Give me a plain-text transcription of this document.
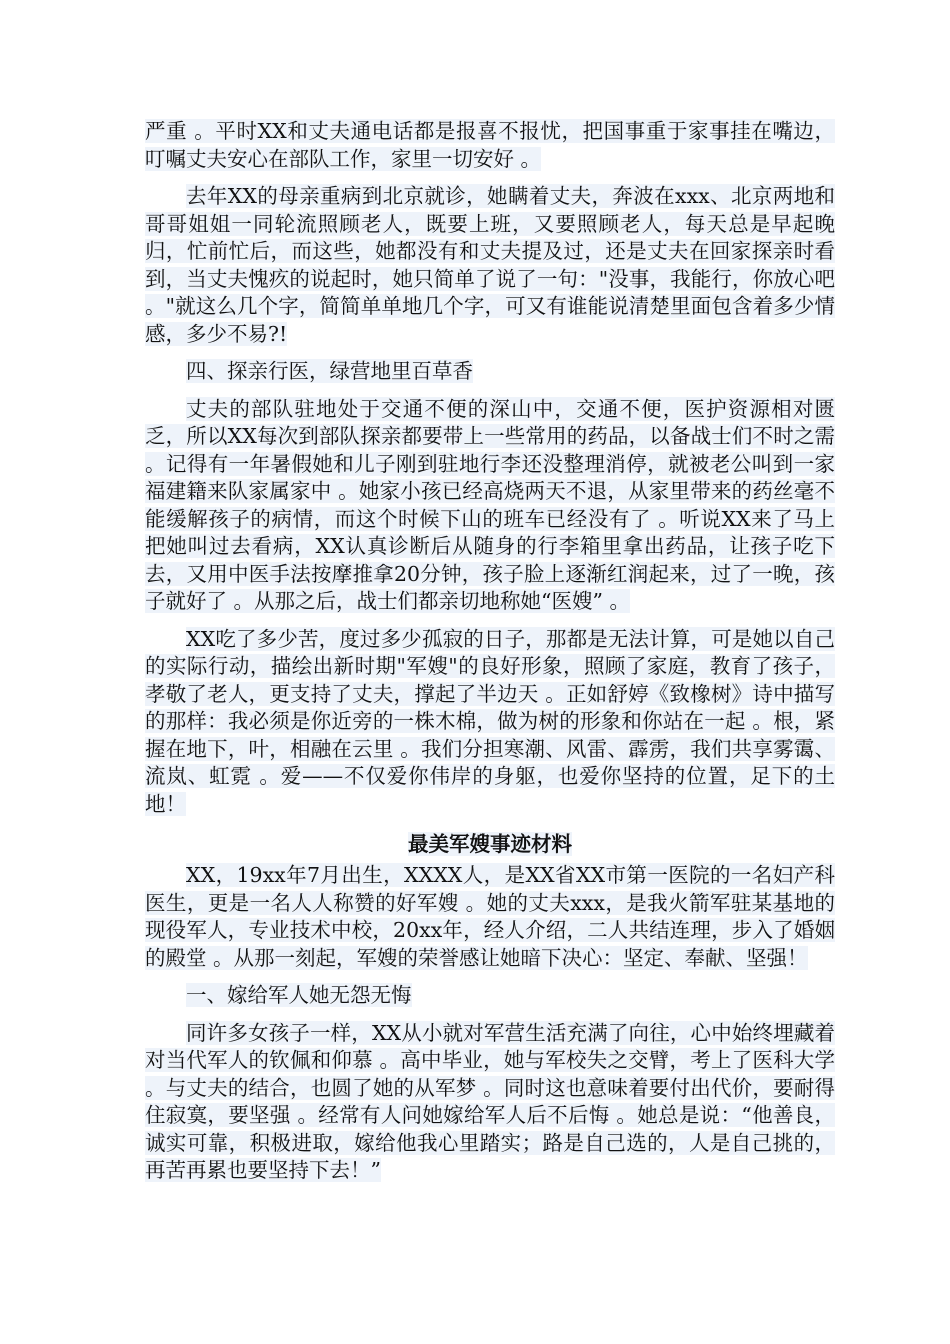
严重 。平时XX和丈夫通电话都是报喜不报忧，把国事重于家事挂在嘴边，叮嘱丈夫安心在部队工作，家里一切安好 。

去年XX的母亲重病到北京就诊，她瞒着丈夫，奔波在xxx、北京两地和哥哥姐姐一同轮流照顾老人，既要上班，又要照顾老人，每天总是早起晚归，忙前忙后，而这些，她都没有和丈夫提及过，还是丈夫在回家探亲时看到，当丈夫愧疚的说起时，她只简单了说了一句："没事，我能行，你放心吧 。"就这么几个字，简简单单地几个字，可又有谁能说清楚里面包含着多少情感，多少不易?!

四、探亲行医，绿营地里百草香

丈夫的部队驻地处于交通不便的深山中，交通不便，医护资源相对匮乏，所以XX每次到部队探亲都要带上一些常用的药品，以备战士们不时之需 。记得有一年暑假她和儿子刚到驻地行李还没整理消停，就被老公叫到一家福建籍来队家属家中 。她家小孩已经高烧两天不退，从家里带来的药丝毫不能缓解孩子的病情，而这个时候下山的班车已经没有了 。听说XX来了马上把她叫过去看病，XX认真诊断后从随身的行李箱里拿出药品，让孩子吃下去，又用中医手法按摩推拿20分钟，孩子脸上逐渐红润起来，过了一晚，孩子就好了 。从那之后，战士们都亲切地称她“医嫂” 。

XX吃了多少苦，度过多少孤寂的日子，那都是无法计算，可是她以自己的实际行动，描绘出新时期"军嫂"的良好形象，照顾了家庭，教育了孩子，孝敬了老人，更支持了丈夫，撑起了半边天 。正如舒婷《致橡树》诗中描写的那样：我必须是你近旁的一株木棉，做为树的形象和你站在一起 。根，紧握在地下，叶，相融在云里 。我们分担寒潮、风雷、霹雳，我们共享雾霭、流岚、虹霓 。爱——不仅爱你伟岸的身躯，也爱你坚持的位置，足下的土地！

最美军嫂事迹材料

XX，19xx年7月出生，XXXX人，是XX省XX市第一医院的一名妇产科医生，更是一名人人称赞的好军嫂 。她的丈夫xxx，是我火箭军驻某基地的现役军人，专业技术中校，20xx年，经人介绍，二人共结连理，步入了婚姻的殿堂 。从那一刻起，军嫂的荣誉感让她暗下决心：坚定、奉献、坚强！

一、嫁给军人她无怨无悔

同许多女孩子一样，XX从小就对军营生活充满了向往，心中始终埋藏着对当代军人的钦佩和仰慕 。高中毕业，她与军校失之交臂，考上了医科大学 。与丈夫的结合，也圆了她的从军梦 。同时这也意味着要付出代价，要耐得住寂寞，要坚强 。经常有人问她嫁给军人后不后悔 。她总是说：“他善良，诚实可靠，积极进取，嫁给他我心里踏实；路是自己选的，人是自己挑的，再苦再累也要坚持下去！”
